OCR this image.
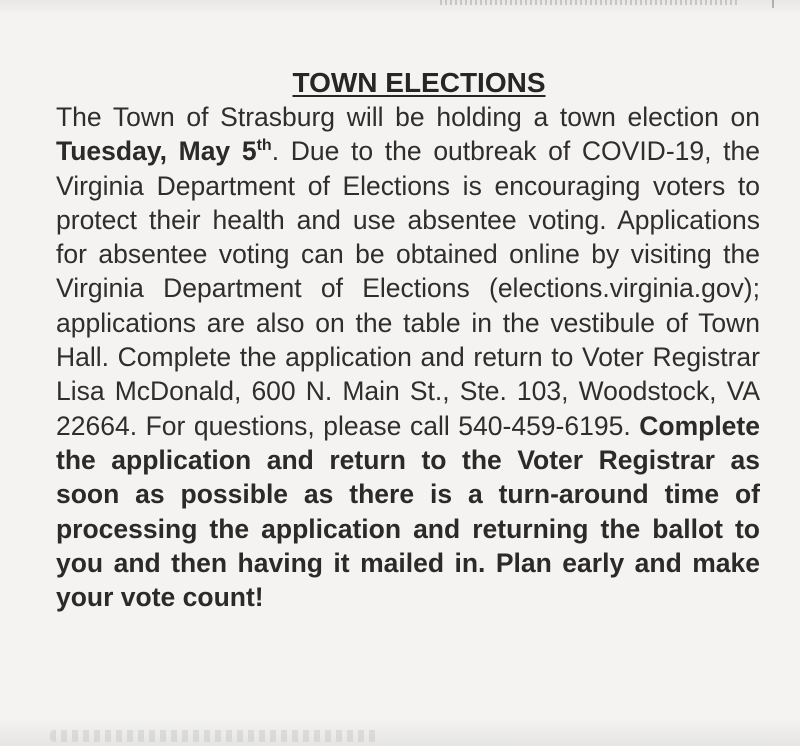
TOWN ELECTIONS

The Town of Strasburg will be holding a town election on Tuesday, May 5th. Due to the outbreak of COVID-19, the Virginia Department of Elections is encouraging voters to protect their health and use absentee voting. Applications for absentee voting can be obtained online by visiting the Virginia Department of Elections (elections.virginia.gov); applications are also on the table in the vestibule of Town Hall. Complete the application and return to Voter Registrar Lisa McDonald, 600 N. Main St., Ste. 103, Woodstock, VA 22664. For questions, please call 540-459-6195. Complete the application and return to the Voter Registrar as soon as possible as there is a turn-around time of processing the application and returning the ballot to you and then having it mailed in. Plan early and make your vote count!
